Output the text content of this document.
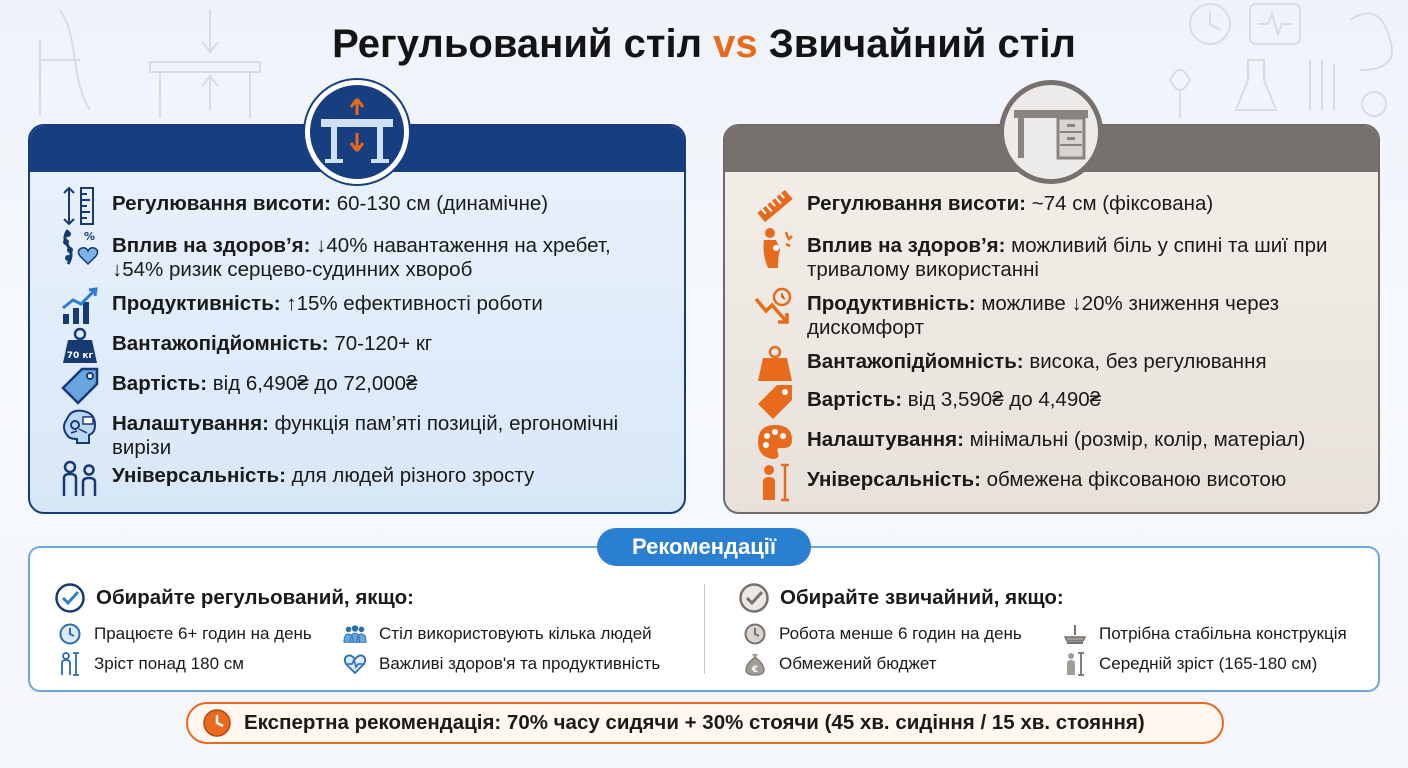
Регульований стіл vs Звичайний стіл
Регулювання висоти: 60-130 см (динамічне)
% Вплив на здоров’я: ↓40% навантаження на хребет, ↓54% ризик серцево-судинних хвороб
Продуктивність: ↑15% ефективності роботи
70 кг
Вантажопідйомність: 70-120+ кг
Вартість: від 6,490₴ до 72,000₴
Налаштування: функція пам’яті позицій, ергономічні вирізи
Універсальність: для людей різного зросту
Регулювання висоти: ~74 см (фіксована)
Вплив на здоров’я: можливий біль у спині та шиї при тривалому використанні
Продуктивність: можливе ↓20% зниження через дискомфорт
Вантажопідйомність: висока, без регулювання
Вартість: від 3,590₴ до 4,490₴
Налаштування: мінімальні (розмір, колір, матеріал)
Універсальність: обмежена фіксованою висотою
Рекомендації
Обирайте регульований, якщо:
Працюєте 6+ годин на день	Стіл використовують кілька людей
Зріст понад 180 см	Важливі здоров'я та продуктивність
Обирайте звичайний, якщо:
Робота менше 6 годин на день	Потрібна стабільна конструкція
€ Обмежений бюджет	Середній зріст (165-180 см)
Експертна рекомендація: 70% часу сидячи + 30% стоячи (45 хв. сидіння / 15 хв. стояння)
